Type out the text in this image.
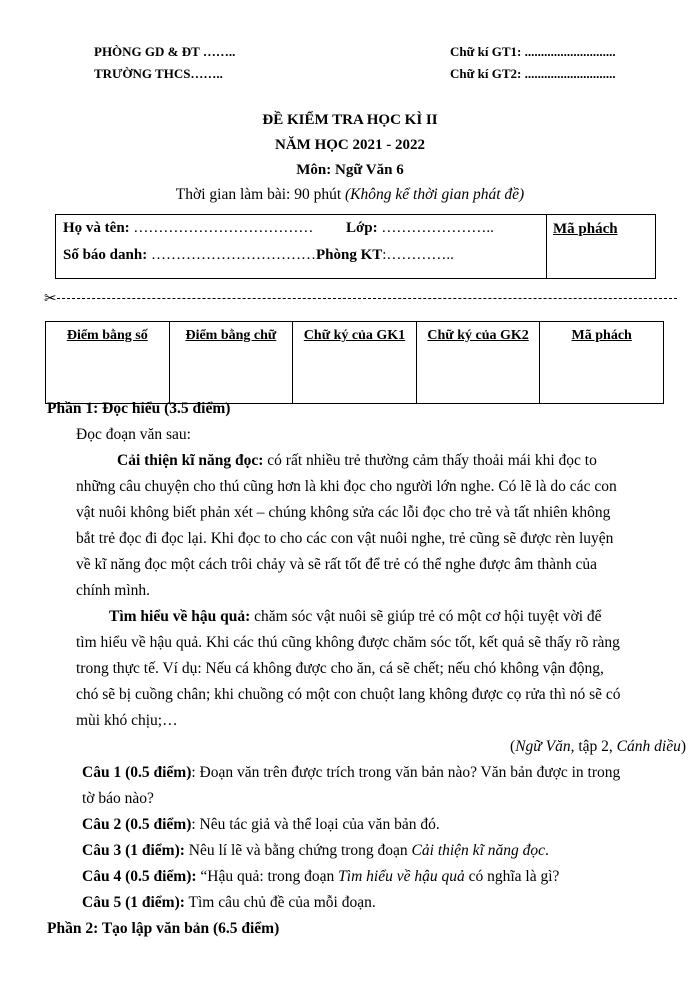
PHÒNG GD & ĐT ……..
TRƯỜNG THCS……..
Chữ kí GT1: ............................
Chữ kí GT2: ............................
ĐỀ KIỂM TRA HỌC KÌ II
NĂM HỌC 2021 - 2022
Môn: Ngữ Văn 6
Thời gian làm bài: 90 phút (Không kể thời gian phát đề)
Họ và tên: ……………………………… Lớp: …………………..
Số báo danh: ……………………………Phòng KT:…………..
Mã phách
✂
Điểm bằng số	Điểm bằng chữ	Chữ ký của GK1	Chữ ký của GK2	Mã phách
Phần 1: Đọc hiểu (3.5 điểm)
Đọc đoạn văn sau:
Cải thiện kĩ năng đọc: có rất nhiều trẻ thường cảm thấy thoải mái khi đọc to
những câu chuyện cho thú cũng hơn là khi đọc cho người lớn nghe. Có lẽ là do các con
vật nuôi không biết phản xét – chúng không sửa các lỗi đọc cho trẻ và tất nhiên không
bắt trẻ đọc đi đọc lại. Khi đọc to cho các con vật nuôi nghe, trẻ cũng sẽ được rèn luyện
về kĩ năng đọc một cách trôi chảy và sẽ rất tốt để trẻ có thể nghe được âm thành của
chính mình.
Tìm hiểu về hậu quả: chăm sóc vật nuôi sẽ giúp trẻ có một cơ hội tuyệt vời để
tìm hiểu về hậu quả. Khi các thú cũng không được chăm sóc tốt, kết quả sẽ thấy rõ ràng
trong thực tế. Ví dụ: Nếu cá không được cho ăn, cá sẽ chết; nếu chó không vận động,
chó sẽ bị cuồng chân; khi chuồng có một con chuột lang không được cọ rửa thì nó sẽ có
mùi khó chịu;…
(Ngữ Văn, tập 2, Cánh diều)
Câu 1 (0.5 điểm): Đoạn văn trên được trích trong văn bản nào? Văn bản được in trong
tờ báo nào?
Câu 2 (0.5 điểm): Nêu tác giả và thể loại của văn bản đó.
Câu 3 (1 điểm): Nêu lí lẽ và bằng chứng trong đoạn Cải thiện kĩ năng đọc.
Câu 4 (0.5 điểm): “Hậu quả: trong đoạn Tìm hiểu về hậu quả có nghĩa là gì?
Câu 5 (1 điểm): Tìm câu chủ đề của mỗi đoạn.
Phần 2: Tạo lập văn bản (6.5 điểm)
